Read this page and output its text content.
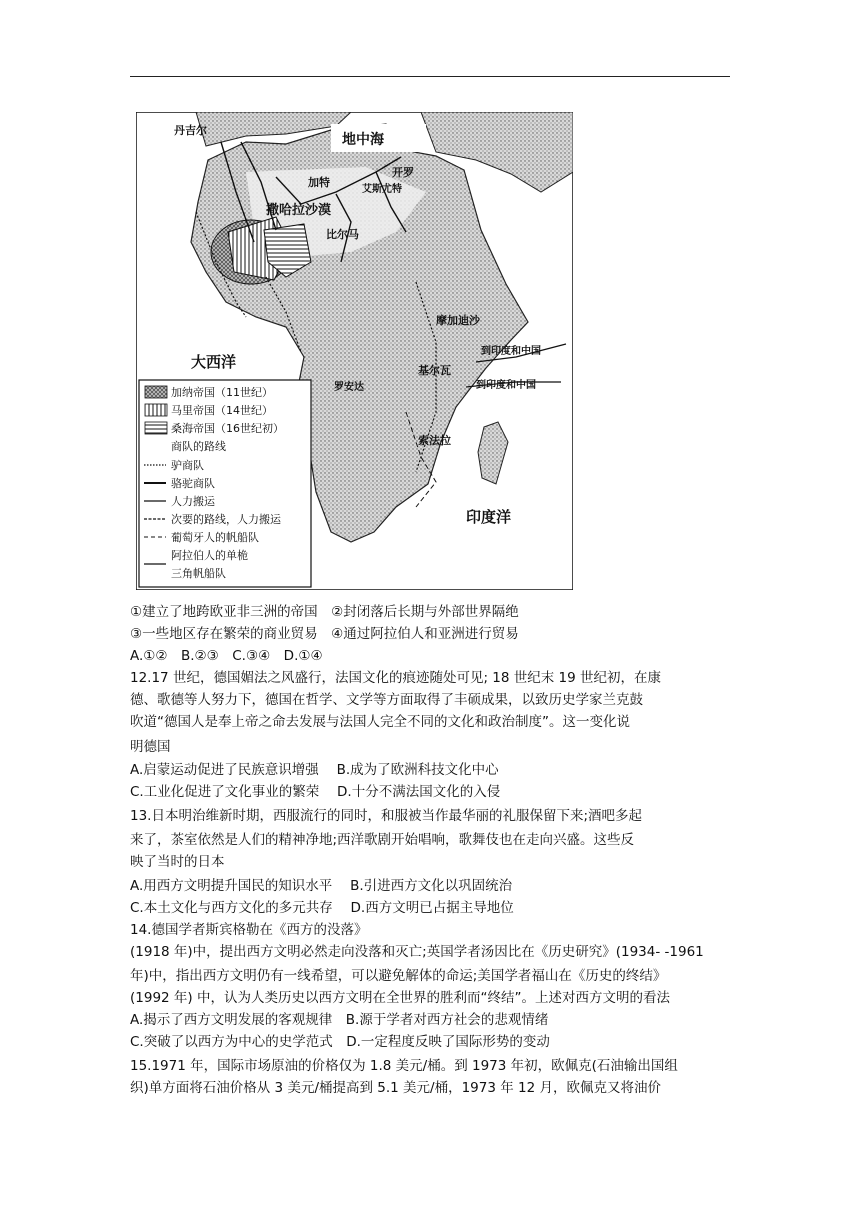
地中海
大西洋
印度洋
丹吉尔
加特
开罗
艾斯尤特
撒哈拉沙漠
比尔马
摩加迪沙
基尔瓦
罗安达
索法拉
到印度和中国
到印度和中国
加纳帝国（11世纪）
马里帝国（14世纪）
桑海帝国（16世纪初）
商队的路线
驴商队
骆驼商队
人力搬运
次要的路线，人力搬运
葡萄牙人的帆船队
阿拉伯人的单桅
三角帆船队
①建立了地跨欧亚非三洲的帝国　②封闭落后长期与外部世界隔绝
③一些地区存在繁荣的商业贸易　④通过阿拉伯人和亚洲进行贸易
A.①②　B.②③　C.③④　D.①④
12.17 世纪，德国媚法之风盛行，法国文化的痕迹随处可见; 18 世纪末 19 世纪初，在康
德、歌德等人努力下，德国在哲学、文学等方面取得了丰硕成果，以致历史学家兰克鼓
吹道“德国人是奉上帝之命去发展与法国人完全不同的文化和政治制度”。这一变化说
明德国
A.启蒙运动促进了民族意识增强　 B.成为了欧洲科技文化中心
C.工业化促进了文化事业的繁荣　 D.十分不满法国文化的入侵
13.日本明治维新时期，西服流行的同时，和服被当作最华丽的礼服保留下来;酒吧多起
来了，茶室依然是人们的精神净地;西洋歌剧开始唱响，歌舞伎也在走向兴盛。这些反
映了当时的日本
A.用西方文明提升国民的知识水平　 B.引进西方文化以巩固统治
C.本土文化与西方文化的多元共存　 D.西方文明已占据主导地位
14.德国学者斯宾格勒在《西方的没落》
(1918 年)中，提出西方文明必然走向没落和灭亡;英国学者汤因比在《历史研究》(1934- -1961
年)中，指出西方文明仍有一线希望，可以避免解体的命运;美国学者福山在《历史的终结》
(1992 年) 中，认为人类历史以西方文明在全世界的胜利而“终结”。上述对西方文明的看法
A.揭示了西方文明发展的客观规律　B.源于学者对西方社会的悲观情绪
C.突破了以西方为中心的史学范式　D.一定程度反映了国际形势的变动
15.1971 年，国际市场原油的价格仅为 1.8 美元/桶。到 1973 年初，欧佩克(石油输出国组
织)单方面将石油价格从 3 美元/桶提高到 5.1 美元/桶，1973 年 12 月，欧佩克又将油价
